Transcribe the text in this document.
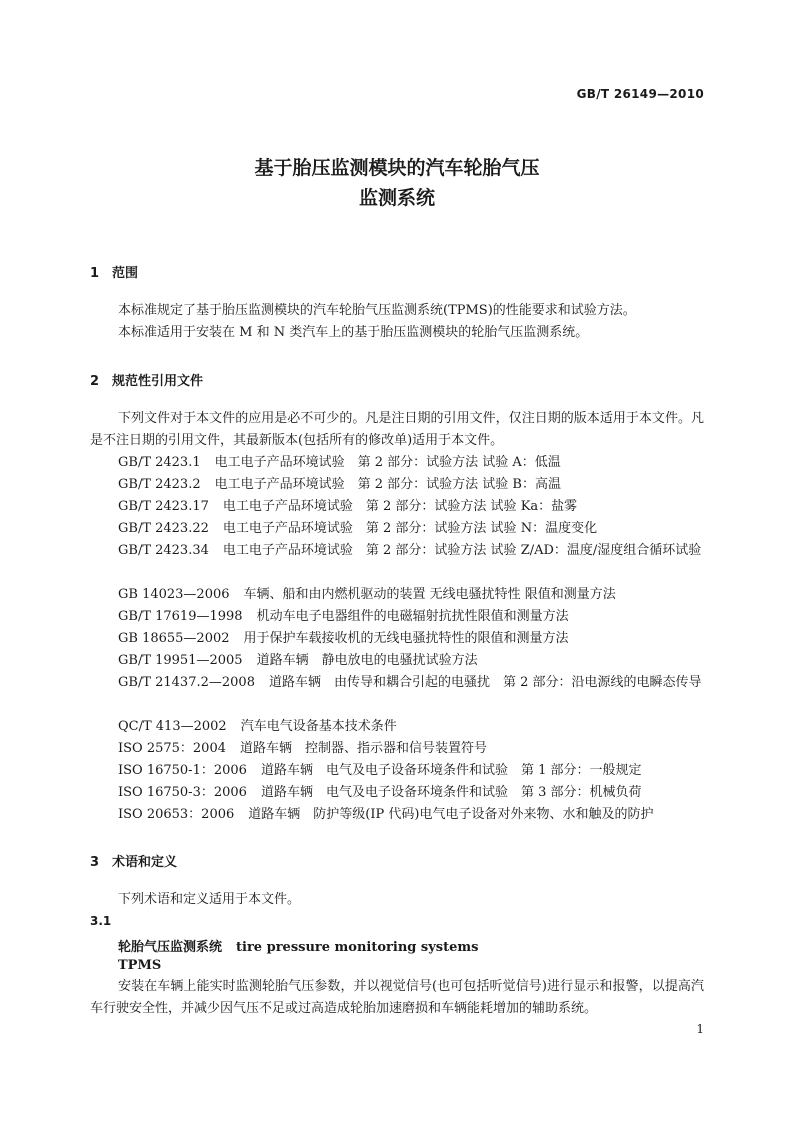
GB/T 26149—2010
基于胎压监测模块的汽车轮胎气压
监测系统
1 范围
本标准规定了基于胎压监测模块的汽车轮胎气压监测系统(TPMS)的性能要求和试验方法。
本标准适用于安装在 M 和 N 类汽车上的基于胎压监测模块的轮胎气压监测系统。
2 规范性引用文件
下列文件对于本文件的应用是必不可少的。凡是注日期的引用文件，仅注日期的版本适用于本文件。凡是不注日期的引用文件，其最新版本(包括所有的修改单)适用于本文件。
GB/T 2423.1 电工电子产品环境试验　第 2 部分：试验方法 试验 A：低温
GB/T 2423.2 电工电子产品环境试验　第 2 部分：试验方法 试验 B：高温
GB/T 2423.17 电工电子产品环境试验　第 2 部分：试验方法 试验 Ka：盐雾
GB/T 2423.22 电工电子产品环境试验　第 2 部分：试验方法 试验 N：温度变化
GB/T 2423.34 电工电子产品环境试验　第 2 部分：试验方法 试验 Z/AD：温度/湿度组合循环试验
GB 14023—2006 车辆、船和由内燃机驱动的装置 无线电骚扰特性 限值和测量方法
GB/T 17619—1998 机动车电子电器组件的电磁辐射抗扰性限值和测量方法
GB 18655—2002 用于保护车载接收机的无线电骚扰特性的限值和测量方法
GB/T 19951—2005 道路车辆　静电放电的电骚扰试验方法
GB/T 21437.2—2008 道路车辆　由传导和耦合引起的电骚扰　第 2 部分：沿电源线的电瞬态传导
QC/T 413—2002 汽车电气设备基本技术条件
ISO 2575：2004 道路车辆　控制器、指示器和信号装置符号
ISO 16750-1：2006 道路车辆　电气及电子设备环境条件和试验　第 1 部分：一般规定
ISO 16750-3：2006 道路车辆　电气及电子设备环境条件和试验　第 3 部分：机械负荷
ISO 20653：2006 道路车辆　防护等级(IP 代码)电气电子设备对外来物、水和触及的防护
3 术语和定义
下列术语和定义适用于本文件。
3.1
轮胎气压监测系统 tire pressure monitoring systems
TPMS
安装在车辆上能实时监测轮胎气压参数，并以视觉信号(也可包括听觉信号)进行显示和报警，以提高汽车行驶安全性，并减少因气压不足或过高造成轮胎加速磨损和车辆能耗增加的辅助系统。
1
